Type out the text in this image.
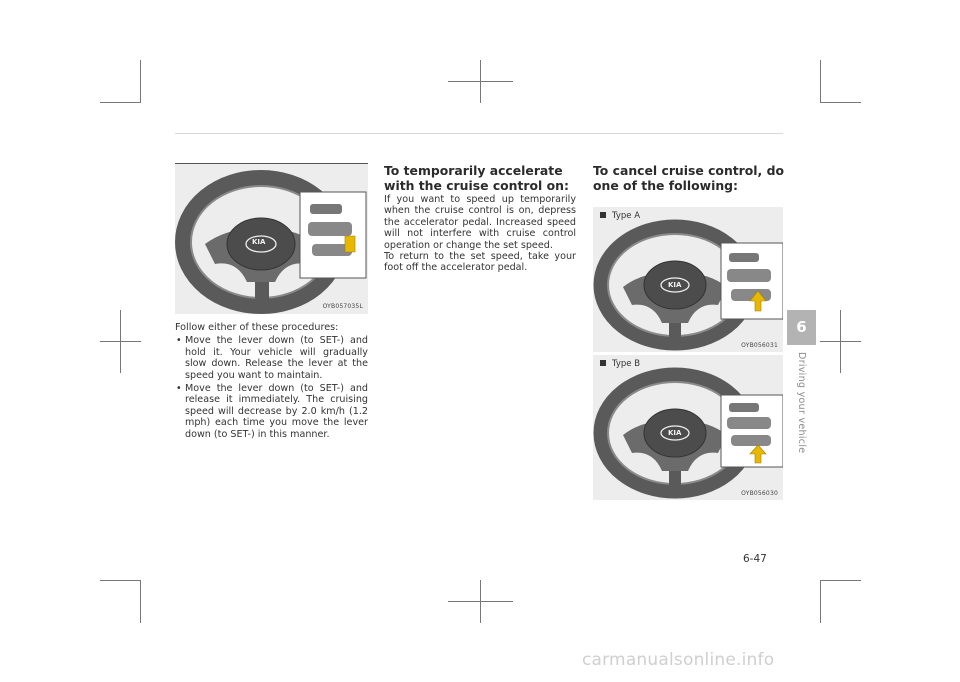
OYB057035L
KIA
Follow either of these procedures:
• Move the lever down (to SET-) and hold it. Your vehicle will gradually slow down. Release the lever at the speed you want to maintain.
• Move the lever down (to SET-) and release it immediately. The cruising speed will decrease by 2.0 km/h (1.2 mph) each time you move the lever down (to SET-) in this manner.
To temporarily accelerate with the cruise control on:
If you want to speed up temporarily when the cruise control is on, depress the accelerator pedal. Increased speed will not interfere with cruise control operation or change the set speed.
To return to the set speed, take your foot off the accelerator pedal.
To cancel cruise control, do one of the following:
OYB056031
KIA
Type A
OYB056030
KIA
Type B
6
Driving your vehicle
6-47
carmanualsonline.info
